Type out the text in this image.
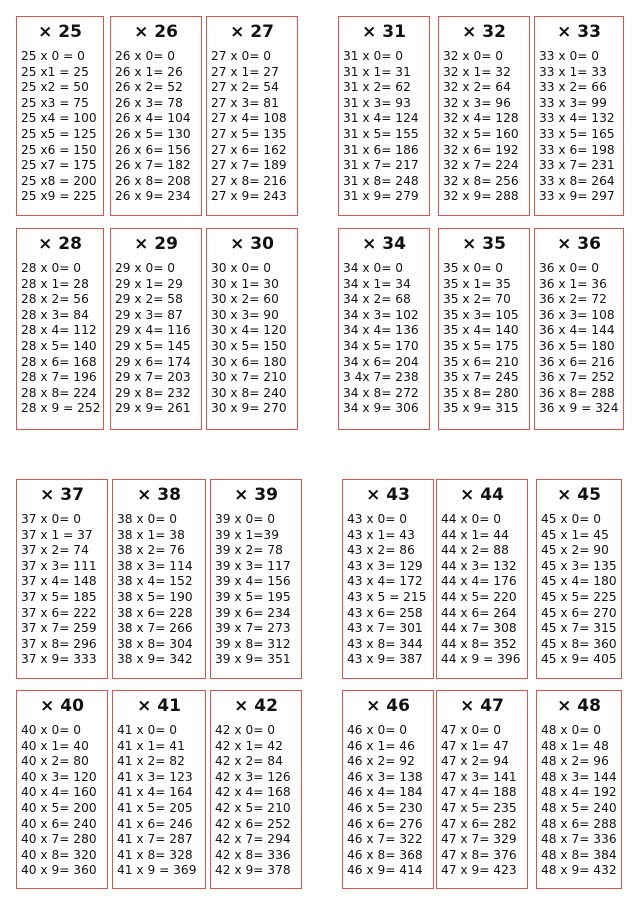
× 25
25 x 0 = 0
25 x1 = 25
25 x2 = 50
25 x3 = 75
25 x4 = 100
25 x5 = 125
25 x6 = 150
25 x7 = 175
25 x8 = 200
25 x9 = 225
× 26
26 x 0= 0
26 x 1= 26
26 x 2= 52
26 x 3= 78
26 x 4= 104
26 x 5= 130
26 x 6= 156
26 x 7= 182
26 x 8= 208
26 x 9= 234
× 27
27 x 0= 0
27 x 1= 27
27 x 2= 54
27 x 3= 81
27 x 4= 108
27 x 5= 135
27 x 6= 162
27 x 7= 189
27 x 8= 216
27 x 9= 243
× 31
31 x 0= 0
31 x 1= 31
31 x 2= 62
31 x 3= 93
31 x 4= 124
31 x 5= 155
31 x 6= 186
31 x 7= 217
31 x 8= 248
31 x 9= 279
× 32
32 x 0= 0
32 x 1= 32
32 x 2= 64
32 x 3= 96
32 x 4= 128
32 x 5= 160
32 x 6= 192
32 x 7= 224
32 x 8= 256
32 x 9= 288
× 33
33 x 0= 0
33 x 1= 33
33 x 2= 66
33 x 3= 99
33 x 4= 132
33 x 5= 165
33 x 6= 198
33 x 7= 231
33 x 8= 264
33 x 9= 297
× 28
28 x 0= 0
28 x 1= 28
28 x 2= 56
28 x 3= 84
28 x 4= 112
28 x 5= 140
28 x 6= 168
28 x 7= 196
28 x 8= 224
28 x 9 = 252
× 29
29 x 0= 0
29 x 1= 29
29 x 2= 58
29 x 3= 87
29 x 4= 116
29 x 5= 145
29 x 6= 174
29 x 7= 203
29 x 8= 232
29 x 9= 261
× 30
30 x 0= 0
30 x 1= 30
30 x 2= 60
30 x 3= 90
30 x 4= 120
30 x 5= 150
30 x 6= 180
30 x 7= 210
30 x 8= 240
30 x 9= 270
× 34
34 x 0= 0
34 x 1= 34
34 x 2= 68
34 x 3= 102
34 x 4= 136
34 x 5= 170
34 x 6= 204
3 4x 7= 238
34 x 8= 272
34 x 9= 306
× 35
35 x 0= 0
35 x 1= 35
35 x 2= 70
35 x 3= 105
35 x 4= 140
35 x 5= 175
35 x 6= 210
35 x 7= 245
35 x 8= 280
35 x 9= 315
× 36
36 x 0= 0
36 x 1= 36
36 x 2= 72
36 x 3= 108
36 x 4= 144
36 x 5= 180
36 x 6= 216
36 x 7= 252
36 x 8= 288
36 x 9 = 324
× 37
37 x 0= 0
37 x 1 = 37
37 x 2= 74
37 x 3= 111
37 x 4= 148
37 x 5= 185
37 x 6= 222
37 x 7= 259
37 x 8= 296
37 x 9= 333
× 38
38 x 0= 0
38 x 1= 38
38 x 2= 76
38 x 3= 114
38 x 4= 152
38 x 5= 190
38 x 6= 228
38 x 7= 266
38 x 8= 304
38 x 9= 342
× 39
39 x 0= 0
39 x 1=39
39 x 2= 78
39 x 3= 117
39 x 4= 156
39 x 5= 195
39 x 6= 234
39 x 7= 273
39 x 8= 312
39 x 9= 351
× 43
43 x 0= 0
43 x 1= 43
43 x 2= 86
43 x 3= 129
43 x 4= 172
43 x 5 = 215
43 x 6= 258
43 x 7= 301
43 x 8= 344
43 x 9= 387
× 44
44 x 0= 0
44 x 1= 44
44 x 2= 88
44 x 3= 132
44 x 4= 176
44 x 5= 220
44 x 6= 264
44 x 7= 308
44 x 8= 352
44 x 9 = 396
× 45
45 x 0= 0
45 x 1= 45
45 x 2= 90
45 x 3= 135
45 x 4= 180
45 x 5= 225
45 x 6= 270
45 x 7= 315
45 x 8= 360
45 x 9= 405
× 40
40 x 0= 0
40 x 1= 40
40 x 2= 80
40 x 3= 120
40 x 4= 160
40 x 5= 200
40 x 6= 240
40 x 7= 280
40 x 8= 320
40 x 9= 360
× 41
41 x 0= 0
41 x 1= 41
41 x 2= 82
41 x 3= 123
41 x 4= 164
41 x 5= 205
41 x 6= 246
41 x 7= 287
41 x 8= 328
41 x 9 = 369
× 42
42 x 0= 0
42 x 1= 42
42 x 2= 84
42 x 3= 126
42 x 4= 168
42 x 5= 210
42 x 6= 252
42 x 7= 294
42 x 8= 336
42 x 9= 378
× 46
46 x 0= 0
46 x 1= 46
46 x 2= 92
46 x 3= 138
46 x 4= 184
46 x 5= 230
46 x 6= 276
46 x 7= 322
46 x 8= 368
46 x 9= 414
× 47
47 x 0= 0
47 x 1= 47
47 x 2= 94
47 x 3= 141
47 x 4= 188
47 x 5= 235
47 x 6= 282
47 x 7= 329
47 x 8= 376
47 x 9= 423
× 48
48 x 0= 0
48 x 1= 48
48 x 2= 96
48 x 3= 144
48 x 4= 192
48 x 5= 240
48 x 6= 288
48 x 7= 336
48 x 8= 384
48 x 9= 432
